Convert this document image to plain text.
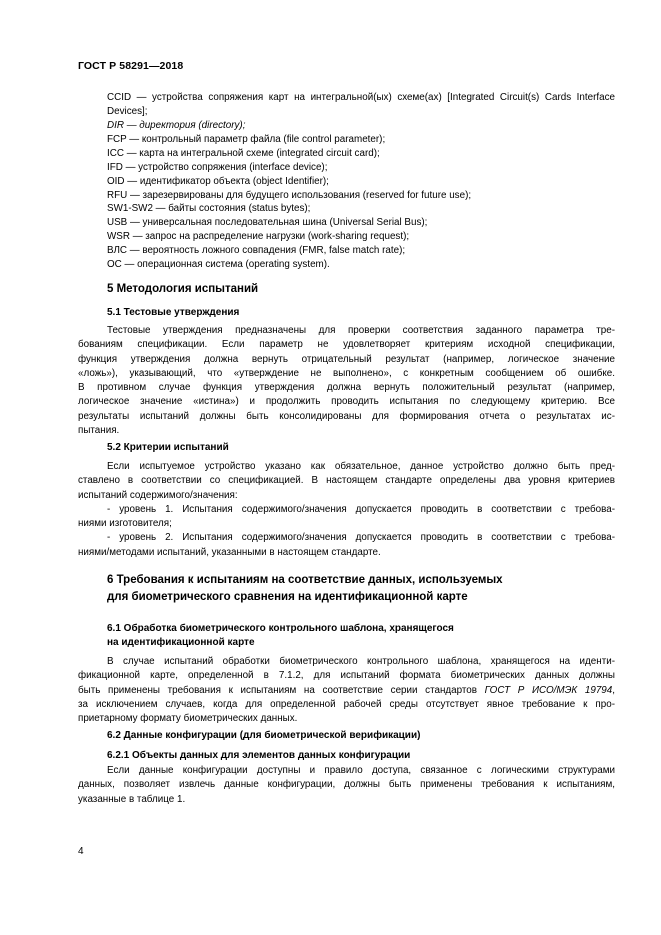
ГОСТ Р 58291—2018
CCID — устройства сопряжения карт на интегральной(ых) схеме(ах) [Integrated Circuit(s) Cards Interface Devices];
DIR — директория (directory);
FCP — контрольный параметр файла (file control parameter);
ICC — карта на интегральной схеме (integrated circuit card);
IFD — устройство сопряжения (interface device);
OID — идентификатор объекта (object Identifier);
RFU — зарезервированы для будущего использования (reserved for future use);
SW1-SW2 — байты состояния (status bytes);
USB — универсальная последовательная шина (Universal Serial Bus);
WSR — запрос на распределение нагрузки (work-sharing request);
ВЛС — вероятность ложного совпадения (FMR, false match rate);
ОС — операционная система (operating system).
5 Методология испытаний
5.1 Тестовые утверждения
Тестовые утверждения предназначены для проверки соответствия заданного параметра тре-
бованиям спецификации. Если параметр не удовлетворяет критериям исходной спецификации,
функция утверждения должна вернуть отрицательный результат (например, логическое значение
«ложь»), указывающий, что «утверждение не выполнено», с конкретным сообщением об ошибке.
В противном случае функция утверждения должна вернуть положительный результат (например,
логическое значение «истина») и продолжить проводить испытания по следующему критерию. Все
результаты испытаний должны быть консолидированы для формирования отчета о результатах ис-
пытания.
5.2 Критерии испытаний
Если испытуемое устройство указано как обязательное, данное устройство должно быть пред-
ставлено в соответствии со спецификацией. В настоящем стандарте определены два уровня критериев
испытаний содержимого/значения:
- уровень 1. Испытания содержимого/значения допускается проводить в соответствии с требова-
ниями изготовителя;
- уровень 2. Испытания содержимого/значения допускается проводить в соответствии с требова-
ниями/методами испытаний, указанными в настоящем стандарте.
6 Требования к испытаниям на соответствие данных, используемых
для биометрического сравнения на идентификационной карте
6.1 Обработка биометрического контрольного шаблона, хранящегося
на идентификационной карте
В случае испытаний обработки биометрического контрольного шаблона, хранящегося на иденти-
фикационной карте, определенной в 7.1.2, для испытаний формата биометрических данных должны
быть применены требования к испытаниям на соответствие серии стандартов ГОСТ Р ИСО/МЭК 19794,
за исключением случаев, когда для определенной рабочей среды отсутствует явное требование к про-
приетарному формату биометрических данных.
6.2 Данные конфигурации (для биометрической верификации)
6.2.1 Объекты данных для элементов данных конфигурации
Если данные конфигурации доступны и правило доступа, связанное с логическими структурами
данных, позволяет извлечь данные конфигурации, должны быть применены требования к испытаниям,
указанные в таблице 1.
4
